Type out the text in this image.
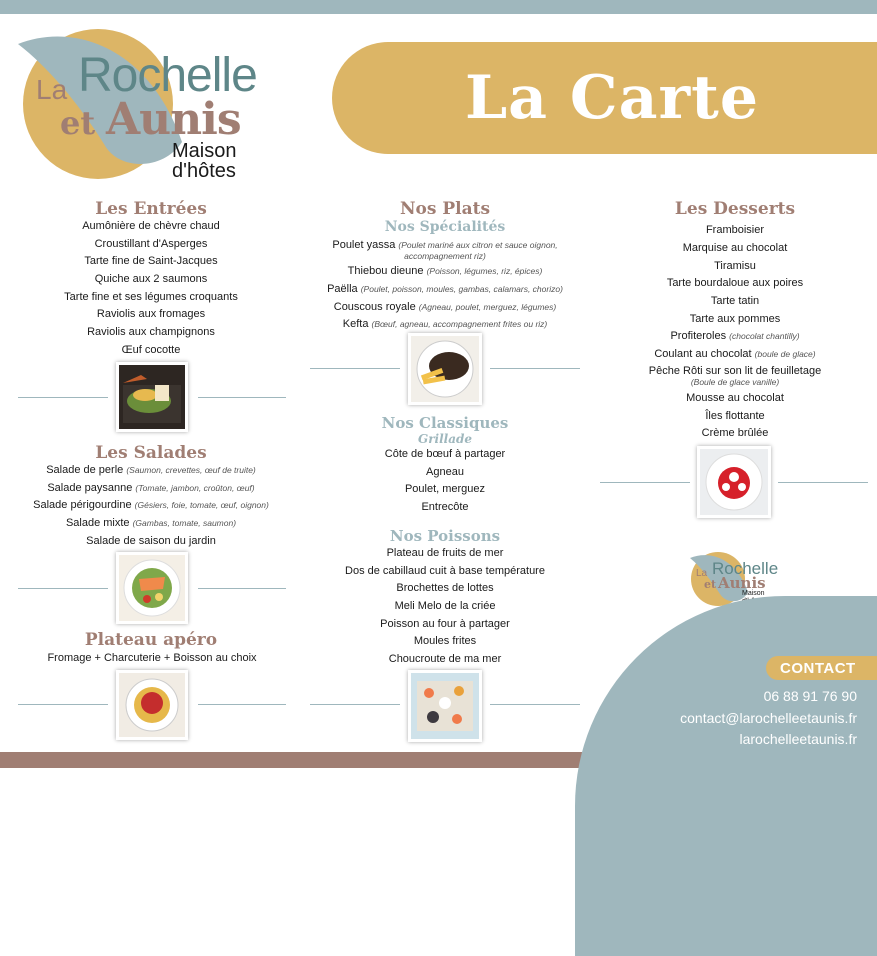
La Rochelle
et Aunis
Maison
d'hôtes
La Carte
Les Entrées
Aumônière de chèvre chaud
Croustillant d'Asperges
Tarte fine de Saint-Jacques
Quiche aux 2 saumons
Tarte fine et ses légumes croquants
Raviolis aux fromages
Raviolis aux champignons
Œuf cocotte
Les Salades
Salade de perle (Saumon, crevettes, œuf de truite)
Salade paysanne (Tomate, jambon, croûton, œuf)
Salade périgourdine (Gésiers, foie, tomate, œuf, oignon)
Salade mixte (Gambas, tomate, saumon)
Salade de saison du jardin
Plateau apéro
Fromage + Charcuterie + Boisson au choix
Nos Plats
Nos Spécialités
Poulet yassa (Poulet mariné aux citron et sauce oignon, accompagnement riz)
Thiebou dieune (Poisson, légumes, riz, épices)
Paëlla (Poulet, poisson, moules, gambas, calamars, chorizo)
Couscous royale (Agneau, poulet, merguez, légumes)
Kefta (Bœuf, agneau, accompagnement frites ou riz)
Nos Classiques
Grillade
Côte de bœuf à partager
Agneau
Poulet, merguez
Entrecôte
Nos Poissons
Plateau de fruits de mer
Dos de cabillaud cuit à base température
Brochettes de lottes
Meli Melo de la criée
Poisson au four à partager
Moules frites
Choucroute de ma mer
Les Desserts
Framboisier
Marquise au chocolat
Tiramisu
Tarte bourdaloue aux poires
Tarte tatin
Tarte aux pommes
Profiteroles (chocolat chantilly)
Coulant au chocolat (boule de glace)
Pêche Rôti sur son lit de feuilletage
(Boule de glace vanille)
Mousse au chocolat
Îles flottante
Crème brûlée
La Rochelle
et Aunis
Maison
CONTACT
06 88 91 76 90
contact@larochelleetaunis.fr
larochelleetaunis.fr
